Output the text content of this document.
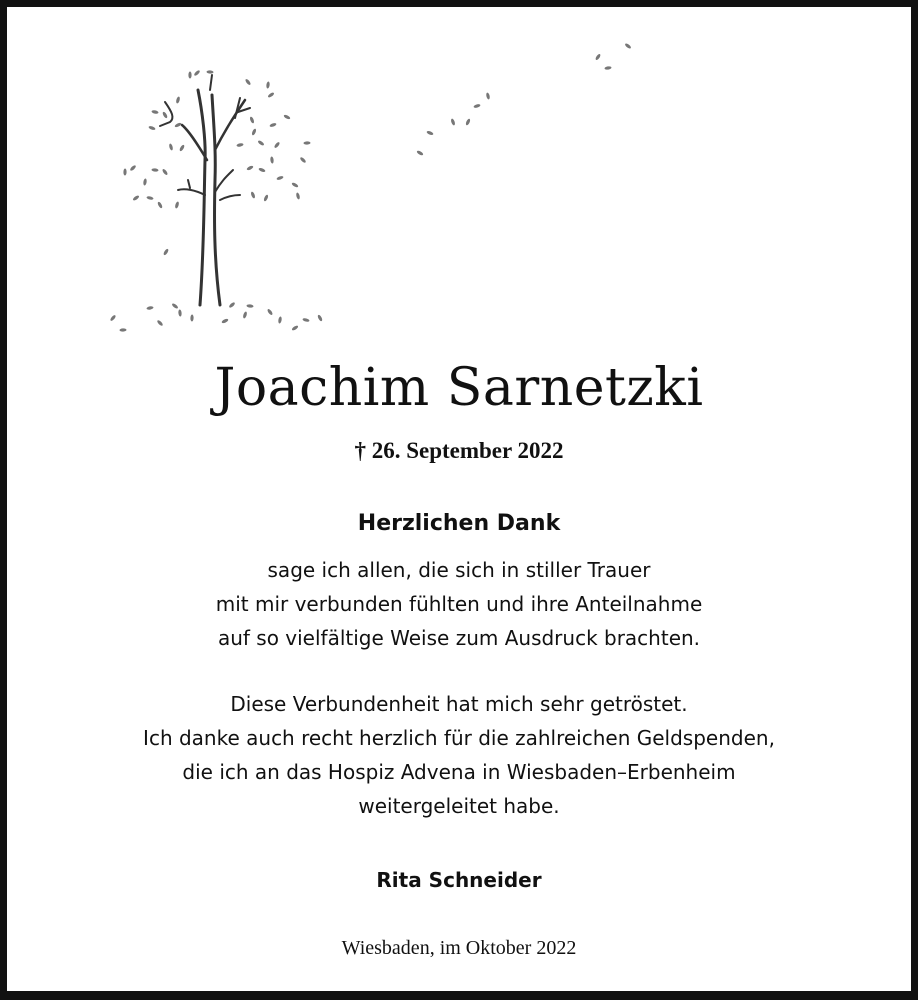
Joachim Sarnetzki
† 26. September 2022
Herzlichen Dank
sage ich allen, die sich in stiller Trauer
mit mir verbunden fühlten und ihre Anteilnahme
auf so vielfältige Weise zum Ausdruck brachten.
Diese Verbundenheit hat mich sehr getröstet.
Ich danke auch recht herzlich für die zahlreichen Geldspenden,
die ich an das Hospiz Advena in Wiesbaden–Erbenheim
weitergeleitet habe.
Rita Schneider
Wiesbaden, im Oktober 2022
